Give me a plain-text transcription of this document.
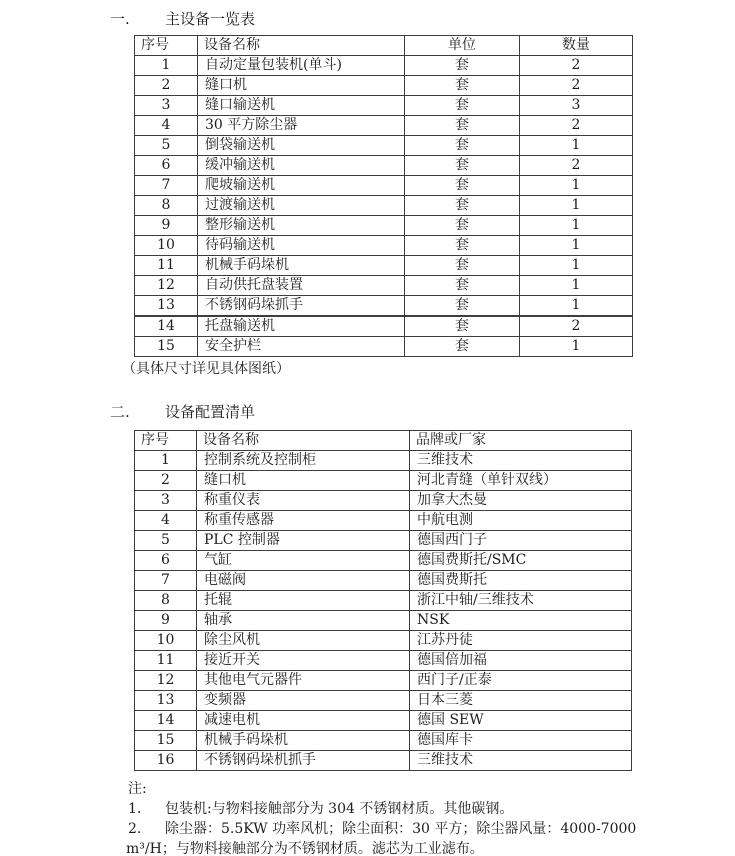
一. 主设备一览表
序号	设备名称	单位	数量
1	自动定量包装机(单斗)	套	2
2	缝口机	套	2
3	缝口输送机	套	3
4	30 平方除尘器	套	2
5	倒袋输送机	套	1
6	缓冲输送机	套	2
7	爬坡输送机	套	1
8	过渡输送机	套	1
9	整形输送机	套	1
10	待码输送机	套	1
11	机械手码垛机	套	1
12	自动供托盘装置	套	1
13	不锈钢码垛抓手	套	1
14	托盘输送机	套	2
15	安全护栏	套	1
（具体尺寸详见具体图纸）
二. 设备配置清单
序号	设备名称	品牌或厂家
1	控制系统及控制柜	三维技术
2	缝口机	河北青缝（单针双线）
3	称重仪表	加拿大杰曼
4	称重传感器	中航电测
5	PLC 控制器	德国西门子
6	气缸	德国费斯托/SMC
7	电磁阀	德国费斯托
8	托辊	浙江中轴/三维技术
9	轴承	NSK
10	除尘风机	江苏丹徒
11	接近开关	德国倍加福
12	其他电气元器件	西门子/正泰
13	变频器	日本三菱
14	减速电机	德国 SEW
15	机械手码垛机	德国库卡
16	不锈钢码垛机抓手	三维技术
注:
1.	包装机:与物料接触部分为 304 不锈钢材质。其他碳钢。
2.	除尘器：5.5KW 功率风机；除尘面积：30 平方；除尘器风量：4000-7000
m³/H；与物料接触部分为不锈钢材质。滤芯为工业滤布。
